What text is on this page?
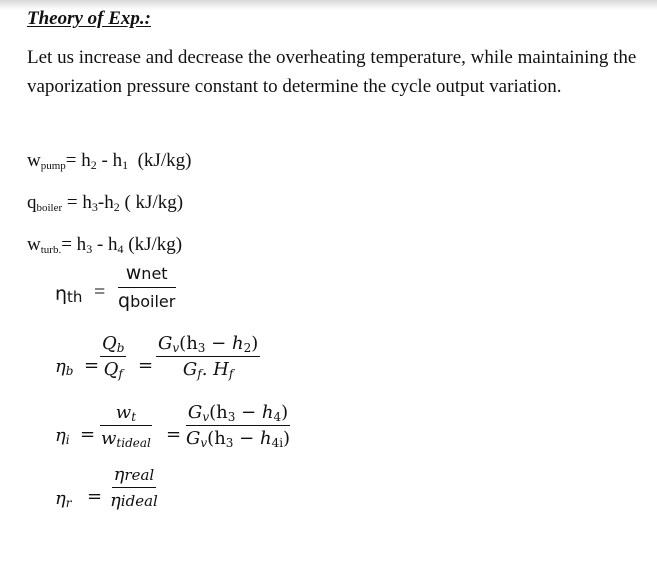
Theory of Exp.:
Let us increase and decrease the overheating temperature, while maintaining the vaporization pressure constant to determine the cycle output variation.
wpump= h2 - h1  (kJ/kg)
qboiler = h3-h2 ( kJ/kg)
wturb.= h3 - h4 (kJ/kg)
ηth =
wnet
qboiler
$\eta b = \frac{Qb}{Qf} = \frac{Gv(h3 - h2)}{Gf. Hf}$
ηi =
wt
wtideal = $\frac{Gv(h3 - h4)}{Gv(h3 - h4i)}$
ηr =
ηreal
ηideal
